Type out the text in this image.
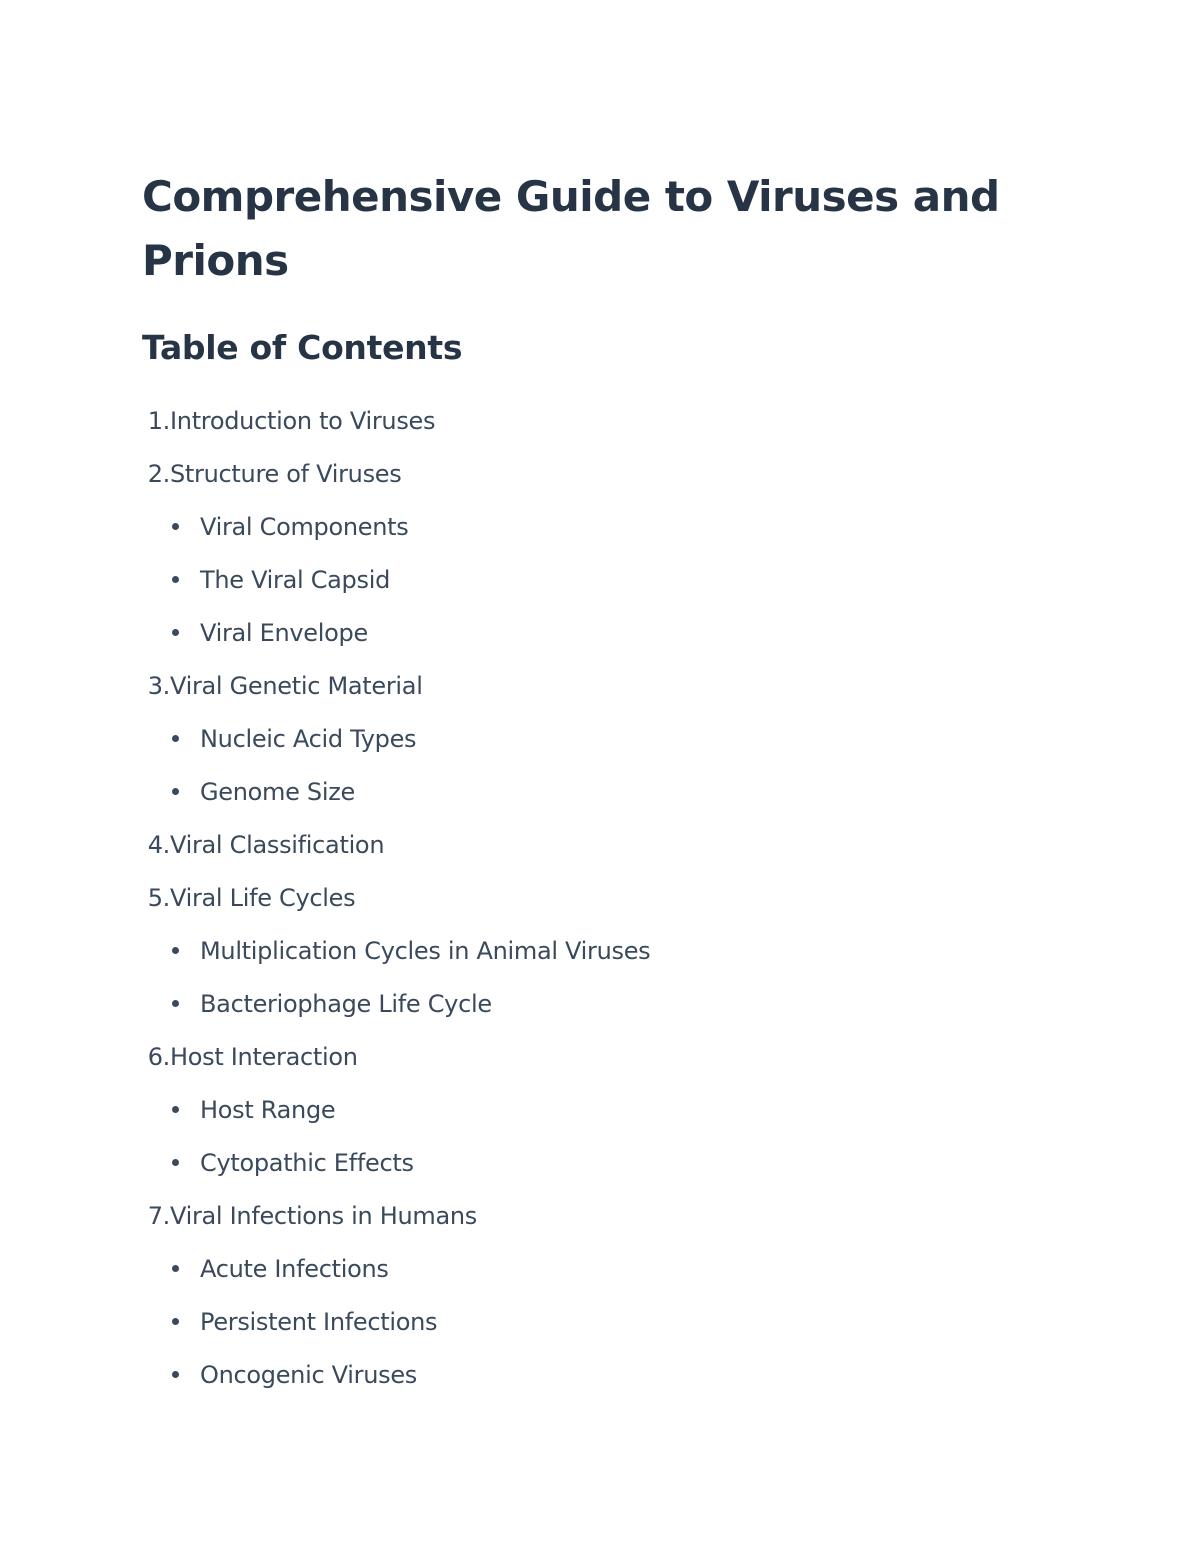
Comprehensive Guide to Viruses and Prions
Table of Contents
1.
Introduction to Viruses
2.
Structure of Viruses
Viral Components
The Viral Capsid
Viral Envelope
3.
Viral Genetic Material
Nucleic Acid Types
Genome Size
4.
Viral Classification
5.
Viral Life Cycles
Multiplication Cycles in Animal Viruses
Bacteriophage Life Cycle
6.
Host Interaction
Host Range
Cytopathic Effects
7.
Viral Infections in Humans
Acute Infections
Persistent Infections
Oncogenic Viruses
